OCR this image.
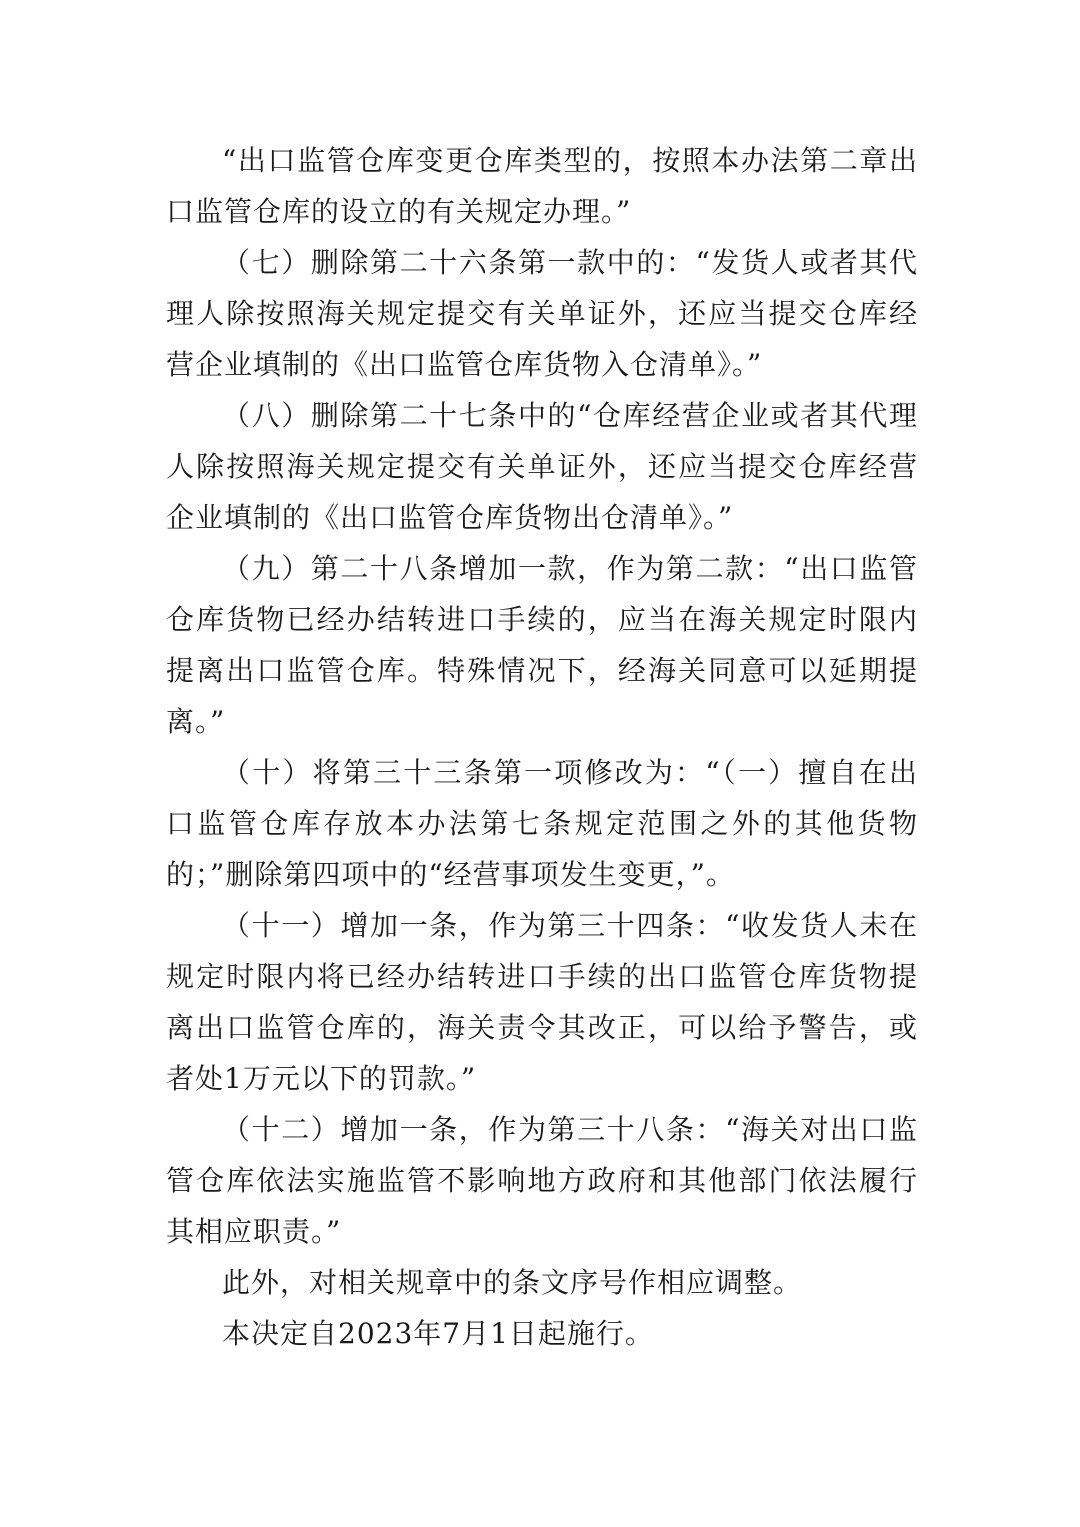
“出口监管仓库变更仓库类型的，按照本办法第二章出口监管仓库的设立的有关规定办理。”

（七）删除第二十六条第一款中的：“发货人或者其代理人除按照海关规定提交有关单证外，还应当提交仓库经营企业填制的《出口监管仓库货物入仓清单》。”

（八）删除第二十七条中的“仓库经营企业或者其代理人除按照海关规定提交有关单证外，还应当提交仓库经营企业填制的《出口监管仓库货物出仓清单》。”

（九）第二十八条增加一款，作为第二款：“出口监管仓库货物已经办结转进口手续的，应当在海关规定时限内提离出口监管仓库。特殊情况下，经海关同意可以延期提离。”

（十）将第三十三条第一项修改为：“（一）擅自在出口监管仓库存放本办法第七条规定范围之外的其他货物的；”删除第四项中的“经营事项发生变更，”。

（十一）增加一条，作为第三十四条：“收发货人未在规定时限内将已经办结转进口手续的出口监管仓库货物提离出口监管仓库的，海关责令其改正，可以给予警告，或者处1万元以下的罚款。”

（十二）增加一条，作为第三十八条：“海关对出口监管仓库依法实施监管不影响地方政府和其他部门依法履行其相应职责。”

此外，对相关规章中的条文序号作相应调整。

本决定自2023年7月1日起施行。
